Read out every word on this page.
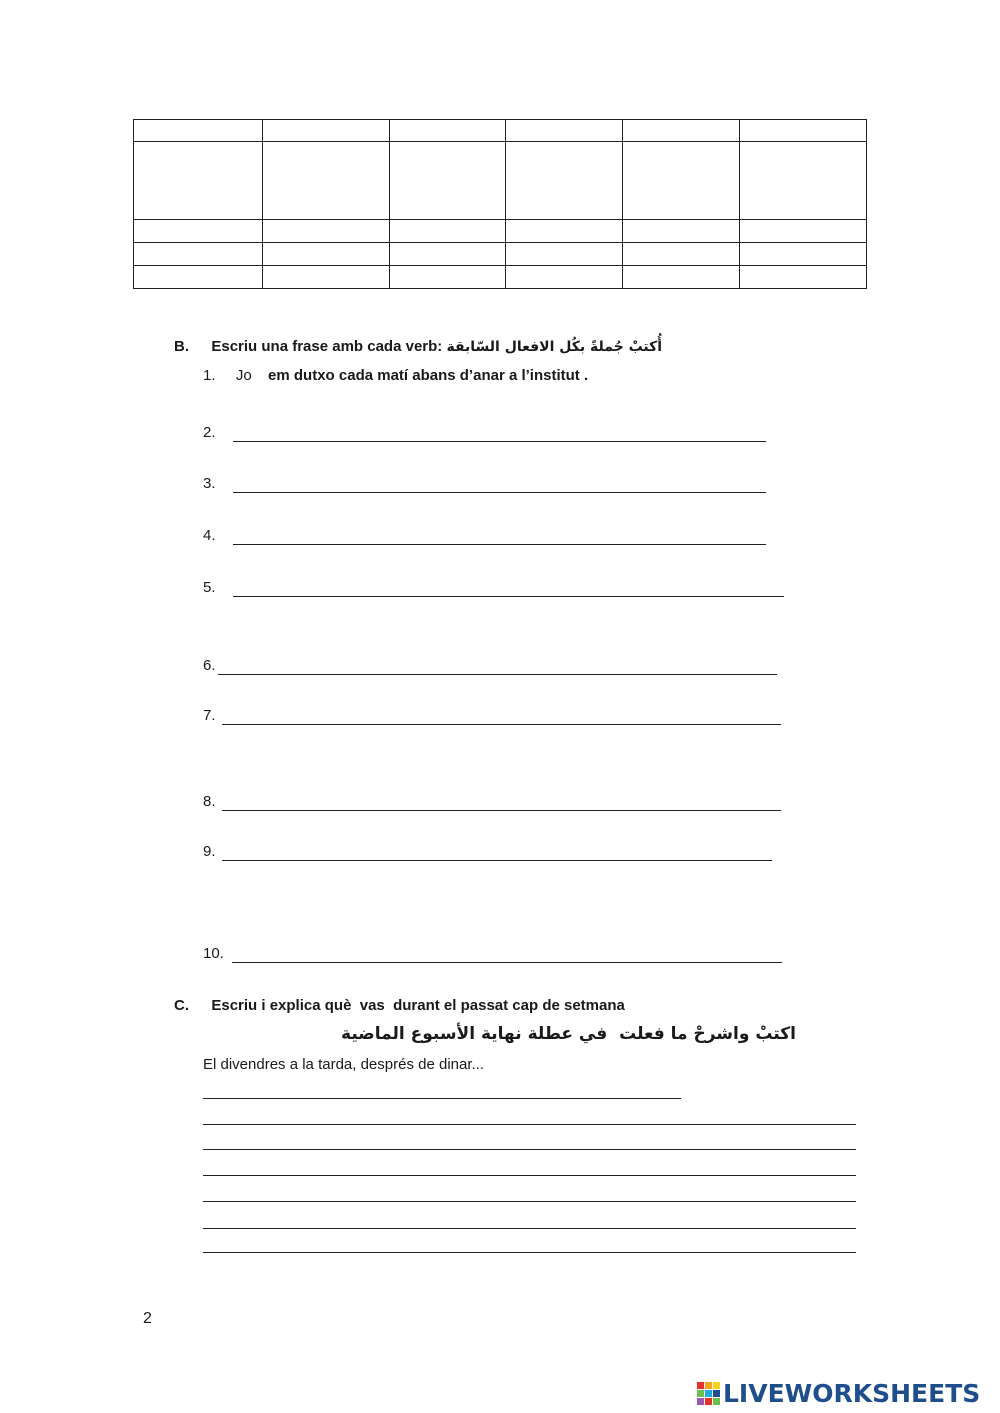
B. Escriu una frase amb cada verb: أُكتبْ جُملةً بكُل الافعال السّابقة
1. Jo em dutxo cada matí abans d’anar a l’institut .
2.
3.
4.
5.
6.
7.
8.
9.
10.
C. Escriu i explica què  vas  durant el passat cap de setmana
اكتبْ واشرحْ ما فعلت  في عطلة نهاية الأسبوع الماضية
El divendres a la tarda, després de dinar...
2
LIVEWORKSHEETS
